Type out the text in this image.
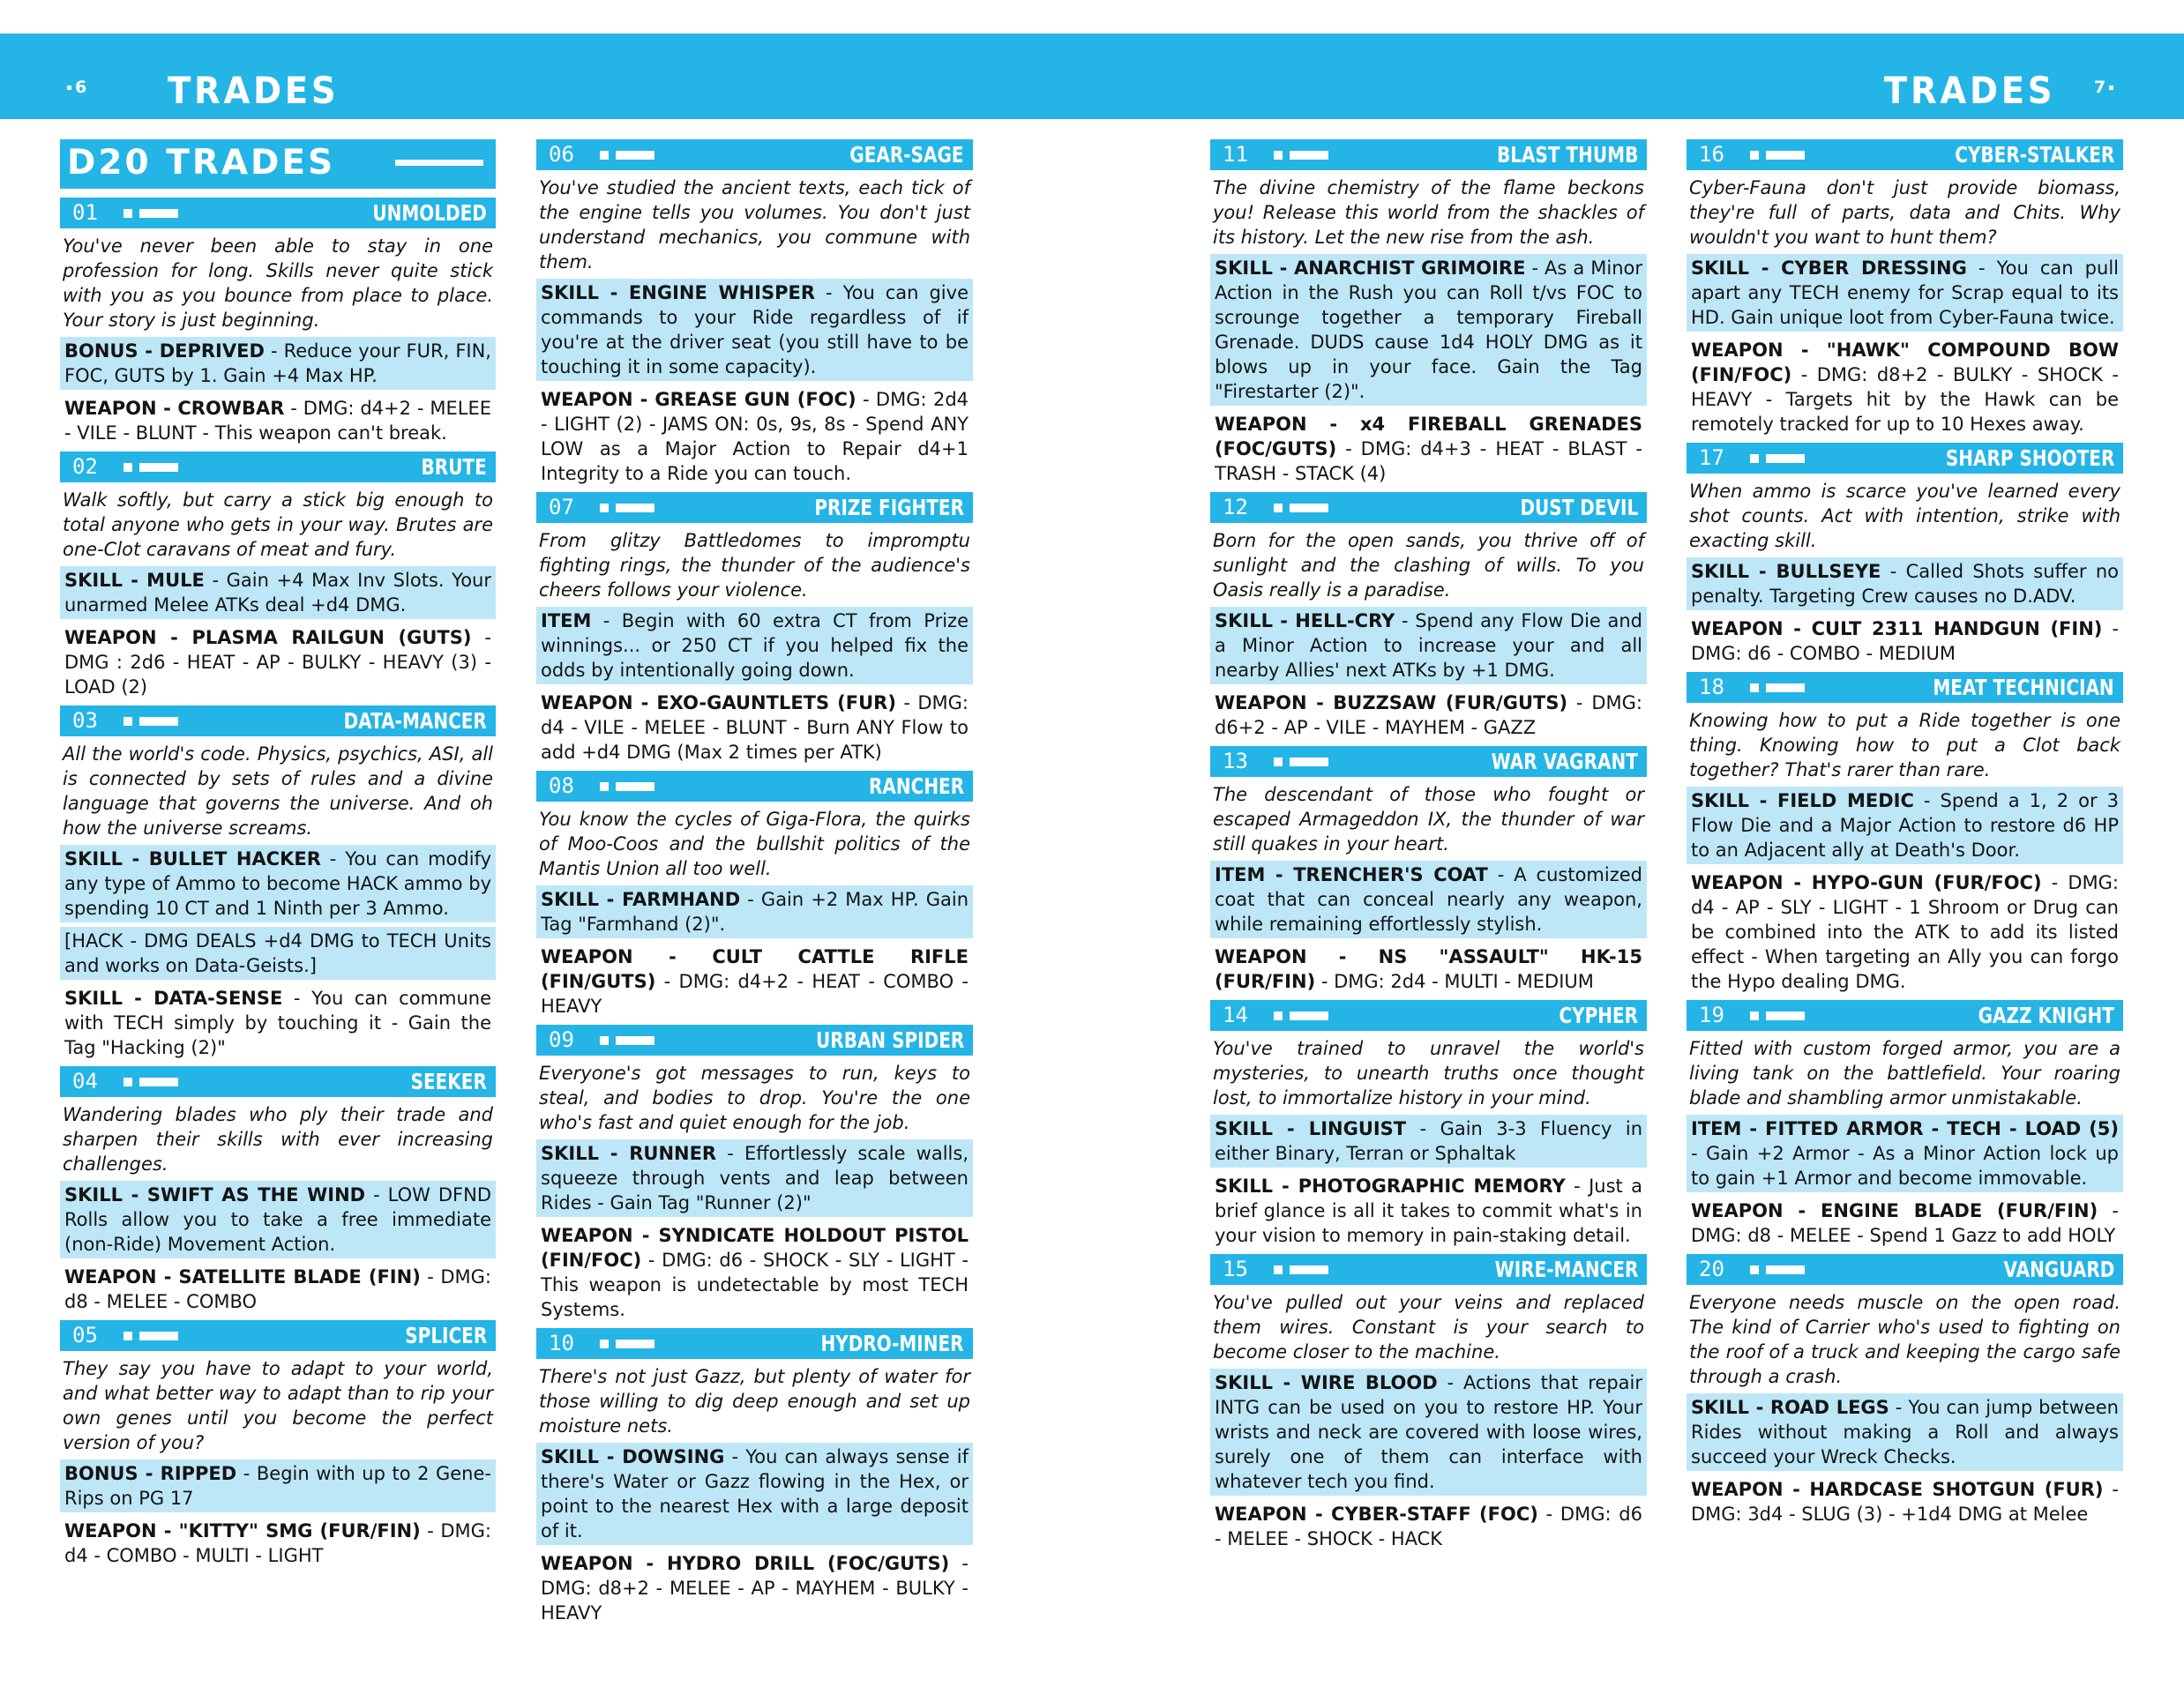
6 TRADES	TRADES 7
D20 TRADES
01	UNMOLDED
You've never been able to stay in one profession for long. Skills never quite stick with you as you bounce from place to place. Your story is just beginning.
BONUS - DEPRIVED - Reduce your FUR, FIN, FOC, GUTS by 1. Gain +4 Max HP.
WEAPON - CROWBAR - DMG: d4+2 - MELEE - VILE - BLUNT - This weapon can't break.
02	BRUTE
Walk softly, but carry a stick big enough to total anyone who gets in your way. Brutes are one-Clot caravans of meat and fury.
SKILL - MULE - Gain +4 Max Inv Slots. Your unarmed Melee ATKs deal +d4 DMG.
WEAPON - PLASMA RAILGUN (GUTS) - DMG : 2d6 - HEAT - AP - BULKY - HEAVY (3) - LOAD (2)
03	DATA-MANCER
All the world's code. Physics, psychics, ASI, all is connected by sets of rules and a divine language that governs the universe. And oh how the universe screams.
SKILL - BULLET HACKER - You can modify any type of Ammo to become HACK ammo by spending 10 CT and 1 Ninth per 3 Ammo.
[HACK - DMG DEALS +d4 DMG to TECH Units and works on Data-Geists.]
SKILL - DATA-SENSE - You can commune with TECH simply by touching it - Gain the Tag "Hacking (2)"
04	SEEKER
Wandering blades who ply their trade and sharpen their skills with ever increasing challenges.
SKILL - SWIFT AS THE WIND - LOW DFND Rolls allow you to take a free immediate (non-Ride) Movement Action.
WEAPON - SATELLITE BLADE (FIN) - DMG: d8 - MELEE - COMBO
05	SPLICER
They say you have to adapt to your world, and what better way to adapt than to rip your own genes until you become the perfect version of you?
BONUS - RIPPED - Begin with up to 2 Gene-Rips on PG 17
WEAPON - "KITTY" SMG (FUR/FIN) - DMG: d4 - COMBO - MULTI - LIGHT
06	GEAR-SAGE
You've studied the ancient texts, each tick of the engine tells you volumes. You don't just understand mechanics, you commune with them.
SKILL - ENGINE WHISPER - You can give commands to your Ride regardless of if you're at the driver seat (you still have to be touching it in some capacity).
WEAPON - GREASE GUN (FOC) - DMG: 2d4 - LIGHT (2) - JAMS ON: 0s, 9s, 8s - Spend ANY LOW as a Major Action to Repair d4+1 Integrity to a Ride you can touch.
07	PRIZE FIGHTER
From glitzy Battledomes to impromptu fighting rings, the thunder of the audience's cheers follows your violence.
ITEM - Begin with 60 extra CT from Prize winnings... or 250 CT if you helped fix the odds by intentionally going down.
WEAPON - EXO-GAUNTLETS (FUR) - DMG: d4 - VILE - MELEE - BLUNT - Burn ANY Flow to add +d4 DMG (Max 2 times per ATK)
08	RANCHER
You know the cycles of Giga-Flora, the quirks of Moo-Coos and the bullshit politics of the Mantis Union all too well.
SKILL - FARMHAND - Gain +2 Max HP. Gain Tag "Farmhand (2)".
WEAPON - CULT CATTLE RIFLE (FIN/GUTS) - DMG: d4+2 - HEAT - COMBO - HEAVY
09	URBAN SPIDER
Everyone's got messages to run, keys to steal, and bodies to drop. You're the one who's fast and quiet enough for the job.
SKILL - RUNNER - Effortlessly scale walls, squeeze through vents and leap between Rides - Gain Tag "Runner (2)"
WEAPON - SYNDICATE HOLDOUT PISTOL (FIN/FOC) - DMG: d6 - SHOCK - SLY - LIGHT - This weapon is undetectable by most TECH Systems.
10	HYDRO-MINER
There's not just Gazz, but plenty of water for those willing to dig deep enough and set up moisture nets.
SKILL - DOWSING - You can always sense if there's Water or Gazz flowing in the Hex, or point to the nearest Hex with a large deposit of it.
WEAPON - HYDRO DRILL (FOC/GUTS) - DMG: d8+2 - MELEE - AP - MAYHEM - BULKY - HEAVY
11	BLAST THUMB
The divine chemistry of the flame beckons you! Release this world from the shackles of its history. Let the new rise from the ash.
SKILL - ANARCHIST GRIMOIRE - As a Minor Action in the Rush you can Roll t/vs FOC to scrounge together a temporary Fireball Grenade. DUDS cause 1d4 HOLY DMG as it blows up in your face. Gain the Tag "Firestarter (2)".
WEAPON - x4 FIREBALL GRENADES (FOC/GUTS) - DMG: d4+3 - HEAT - BLAST - TRASH - STACK (4)
12	DUST DEVIL
Born for the open sands, you thrive off of sunlight and the clashing of wills. To you Oasis really is a paradise.
SKILL - HELL-CRY - Spend any Flow Die and a Minor Action to increase your and all nearby Allies' next ATKs by +1 DMG.
WEAPON - BUZZSAW (FUR/GUTS) - DMG: d6+2 - AP - VILE - MAYHEM - GAZZ
13	WAR VAGRANT
The descendant of those who fought or escaped Armageddon IX, the thunder of war still quakes in your heart.
ITEM - TRENCHER'S COAT - A customized coat that can conceal nearly any weapon, while remaining effortlessly stylish.
WEAPON - NS "ASSAULT" HK-15 (FUR/FIN) - DMG: 2d4 - MULTI - MEDIUM
14	CYPHER
You've trained to unravel the world's mysteries, to unearth truths once thought lost, to immortalize history in your mind.
SKILL - LINGUIST - Gain 3-3 Fluency in either Binary, Terran or Sphaltak
SKILL - PHOTOGRAPHIC MEMORY - Just a brief glance is all it takes to commit what's in your vision to memory in pain-staking detail.
15	WIRE-MANCER
You've pulled out your veins and replaced them wires. Constant is your search to become closer to the machine.
SKILL - WIRE BLOOD - Actions that repair INTG can be used on you to restore HP. Your wrists and neck are covered with loose wires, surely one of them can interface with whatever tech you find.
WEAPON - CYBER-STAFF (FOC) - DMG: d6 - MELEE - SHOCK - HACK
16	CYBER-STALKER
Cyber-Fauna don't just provide biomass, they're full of parts, data and Chits. Why wouldn't you want to hunt them?
SKILL - CYBER DRESSING - You can pull apart any TECH enemy for Scrap equal to its HD. Gain unique loot from Cyber-Fauna twice.
WEAPON - "HAWK" COMPOUND BOW (FIN/FOC) - DMG: d8+2 - BULKY - SHOCK - HEAVY - Targets hit by the Hawk can be remotely tracked for up to 10 Hexes away.
17	SHARP SHOOTER
When ammo is scarce you've learned every shot counts. Act with intention, strike with exacting skill.
SKILL - BULLSEYE - Called Shots suffer no penalty. Targeting Crew causes no D.ADV.
WEAPON - CULT 2311 HANDGUN (FIN) - DMG: d6 - COMBO - MEDIUM
18	MEAT TECHNICIAN
Knowing how to put a Ride together is one thing. Knowing how to put a Clot back together? That's rarer than rare.
SKILL - FIELD MEDIC - Spend a 1, 2 or 3 Flow Die and a Major Action to restore d6 HP to an Adjacent ally at Death's Door.
WEAPON - HYPO-GUN (FUR/FOC) - DMG: d4 - AP - SLY - LIGHT - 1 Shroom or Drug can be combined into the ATK to add its listed effect - When targeting an Ally you can forgo the Hypo dealing DMG.
19	GAZZ KNIGHT
Fitted with custom forged armor, you are a living tank on the battlefield. Your roaring blade and shambling armor unmistakable.
ITEM - FITTED ARMOR - TECH - LOAD (5) - Gain +2 Armor - As a Minor Action lock up to gain +1 Armor and become immovable.
WEAPON - ENGINE BLADE (FUR/FIN) - DMG: d8 - MELEE - Spend 1 Gazz to add HOLY
20	VANGUARD
Everyone needs muscle on the open road. The kind of Carrier who's used to fighting on the roof of a truck and keeping the cargo safe through a crash.
SKILL - ROAD LEGS - You can jump between Rides without making a Roll and always succeed your Wreck Checks.
WEAPON - HARDCASE SHOTGUN (FUR) - DMG: 3d4 - SLUG (3) - +1d4 DMG at Melee
